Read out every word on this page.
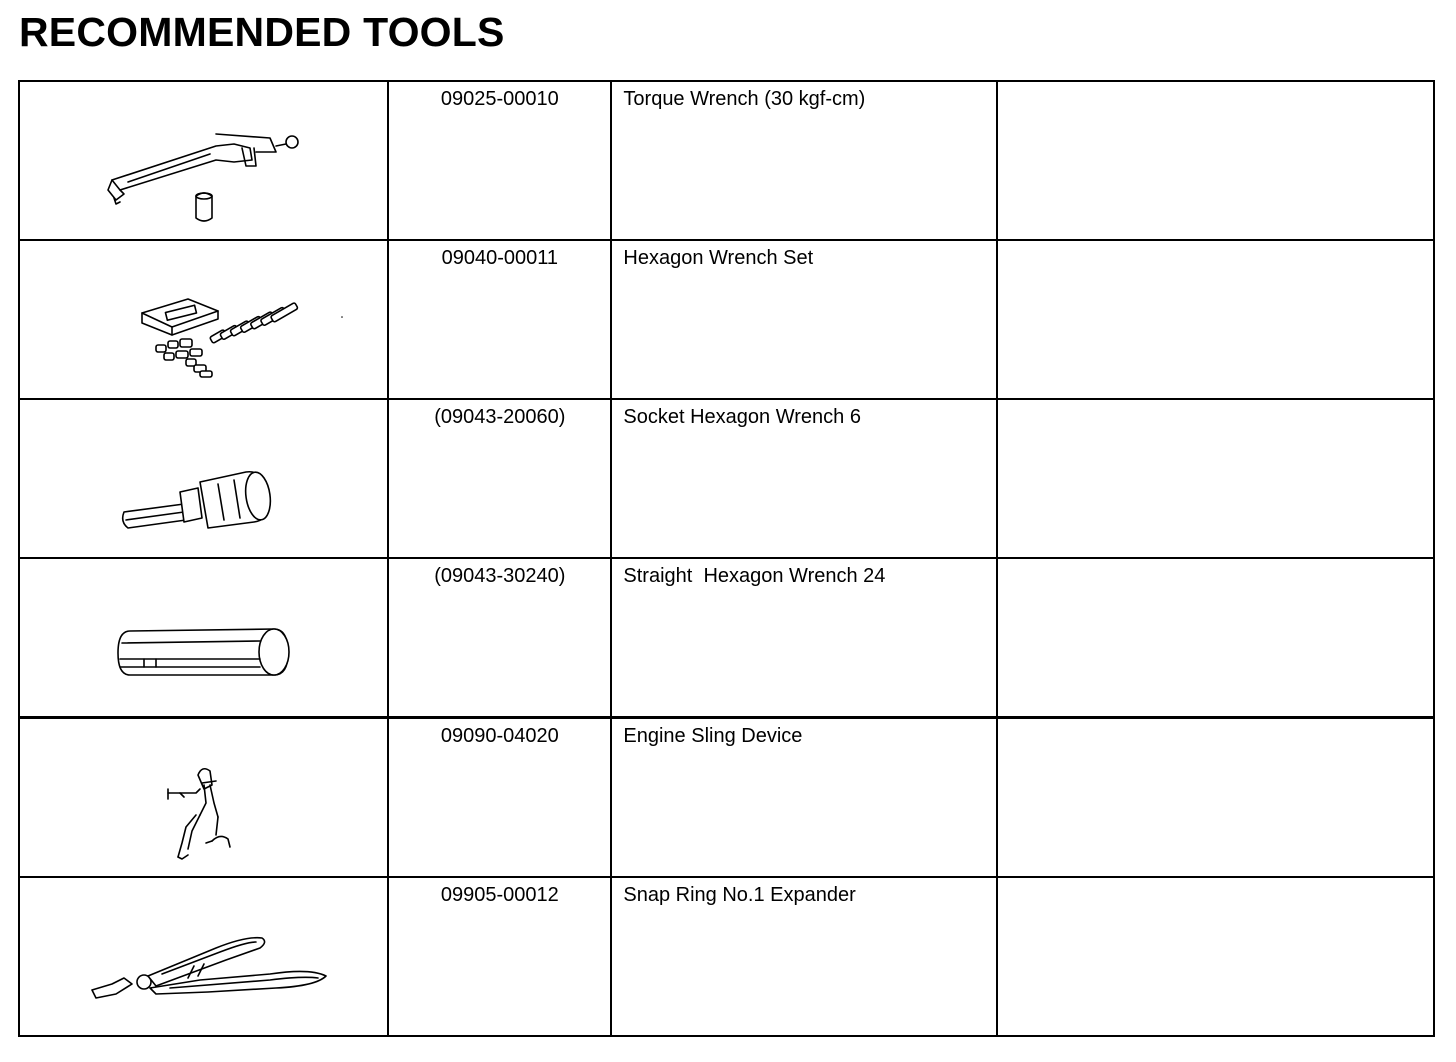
RECOMMENDED TOOLS

09025-00010	Torque Wrench (30 kgf-cm)	

09040-00011	Hexagon Wrench Set	

(09043-20060)	Socket Hexagon Wrench 6	

(09043-30240)	Straight  Hexagon Wrench 24	

09090-04020	Engine Sling Device	

09905-00012	Snap Ring No.1 Expander	
